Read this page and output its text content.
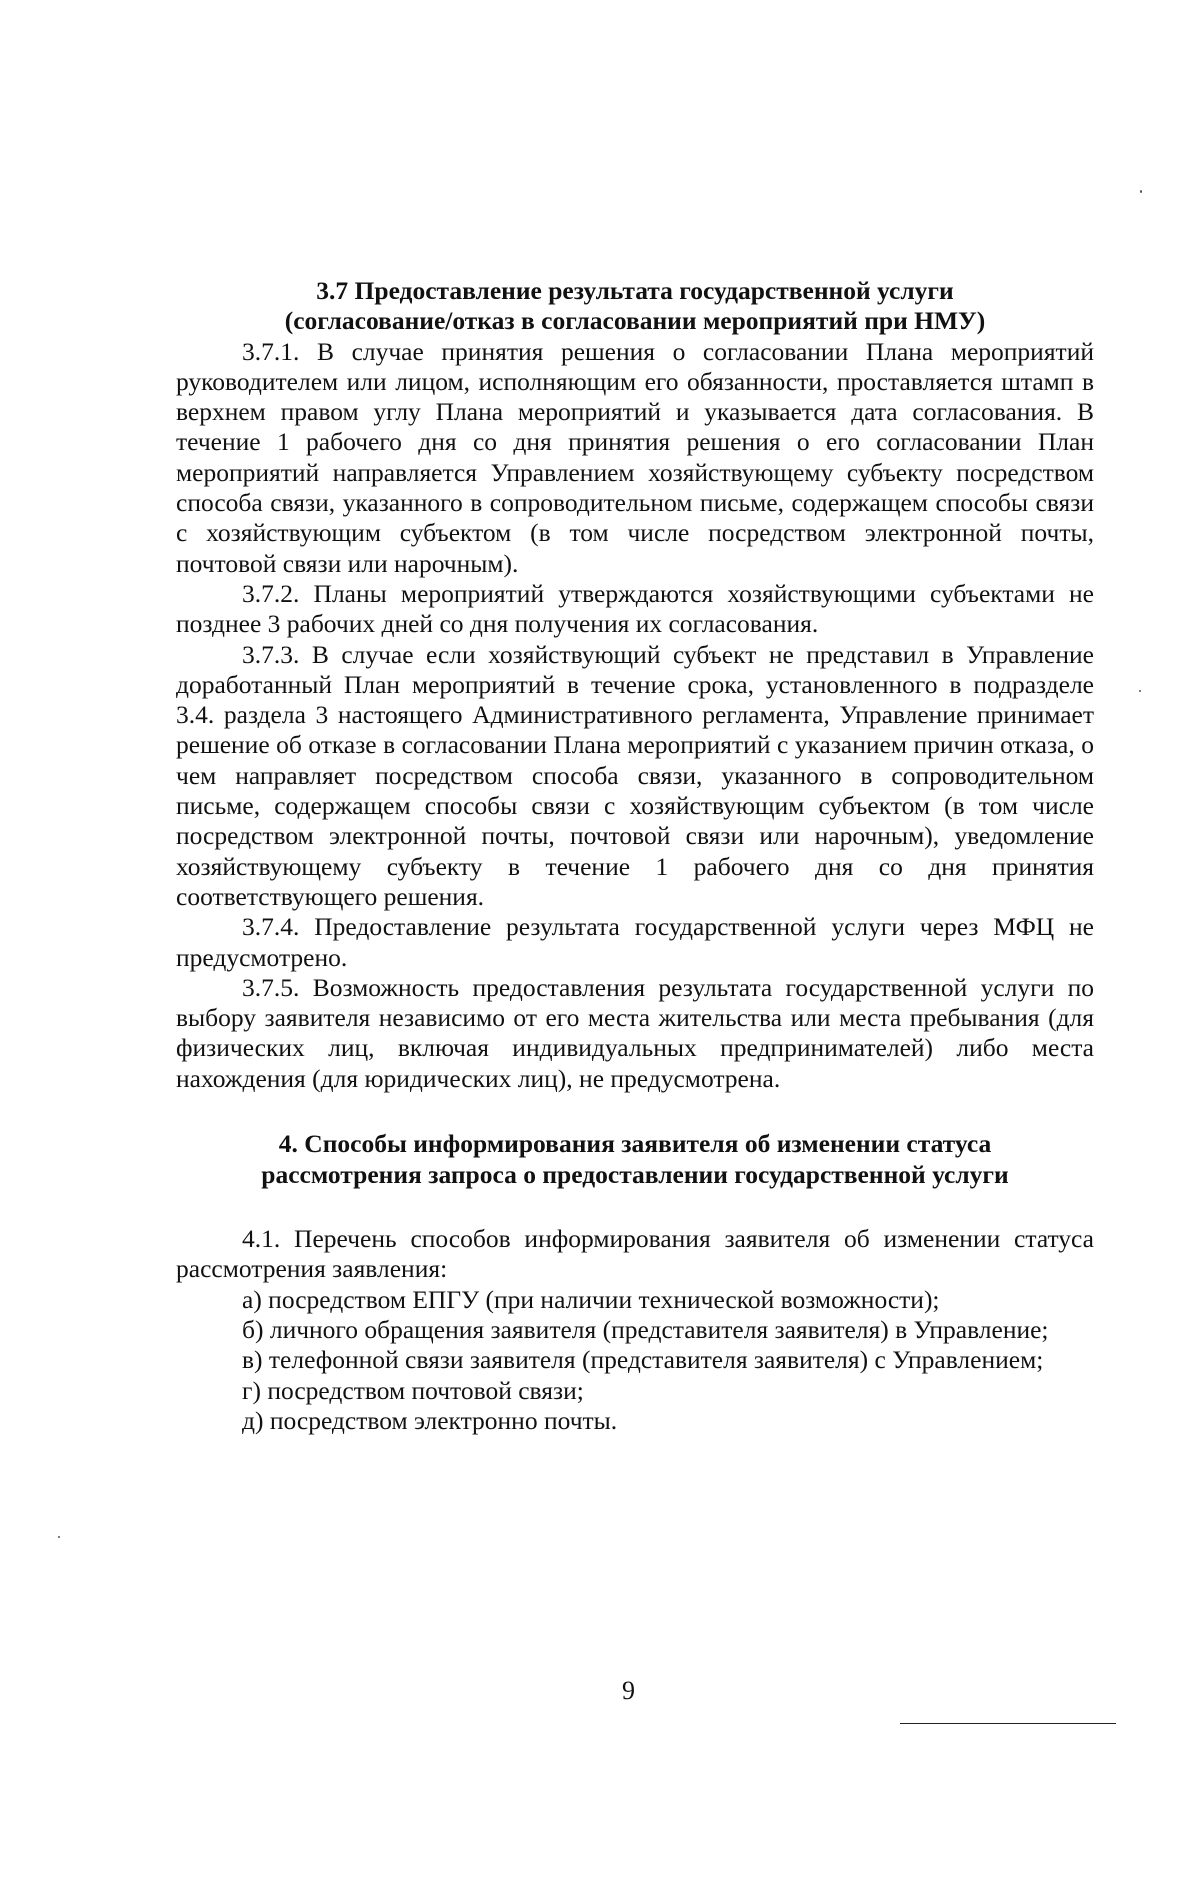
3.7 Предоставление результата государственной услуги

(согласование/отказ в согласовании мероприятий при НМУ)

3.7.1. В случае принятия решения о согласовании Плана мероприятий руководителем или лицом, исполняющим его обязанности, проставляется штамп в верхнем правом углу Плана мероприятий и указывается дата согласования. В течение 1 рабочего дня со дня принятия решения о его согласовании План мероприятий направляется Управлением хозяйствующему субъекту посредством способа связи, указанного в сопроводительном письме, содержащем способы связи с хозяйствующим субъектом (в том числе посредством электронной почты, почтовой связи или нарочным).

3.7.2. Планы мероприятий утверждаются хозяйствующими субъектами не позднее 3 рабочих дней со дня получения их согласования.

3.7.3. В случае если хозяйствующий субъект не представил в Управление доработанный План мероприятий в течение срока, установленного в подразделе 3.4. раздела 3 настоящего Административного регламента, Управление принимает решение об отказе в согласовании Плана мероприятий с указанием причин отказа, о чем направляет посредством способа связи, указанного в сопроводительном письме, содержащем способы связи с хозяйствующим субъектом (в том числе посредством электронной почты, почтовой связи или нарочным), уведомление хозяйствующему субъекту в течение 1 рабочего дня со дня принятия соответствующего решения.

3.7.4. Предоставление результата государственной услуги через МФЦ не предусмотрено.

3.7.5. Возможность предоставления результата государственной услуги по выбору заявителя независимо от его места жительства или места пребывания (для физических лиц, включая индивидуальных предпринимателей) либо места нахождения (для юридических лиц), не предусмотрена.

4. Способы информирования заявителя об изменении статуса
рассмотрения запроса о предоставлении государственной услуги

4.1. Перечень способов информирования заявителя об изменении статуса рассмотрения заявления:

а) посредством ЕПГУ (при наличии технической возможности);
б) личного обращения заявителя (представителя заявителя) в Управление;
в) телефонной связи заявителя (представителя заявителя) с Управлением;
г) посредством почтовой связи;
д) посредством электронно почты.
9
